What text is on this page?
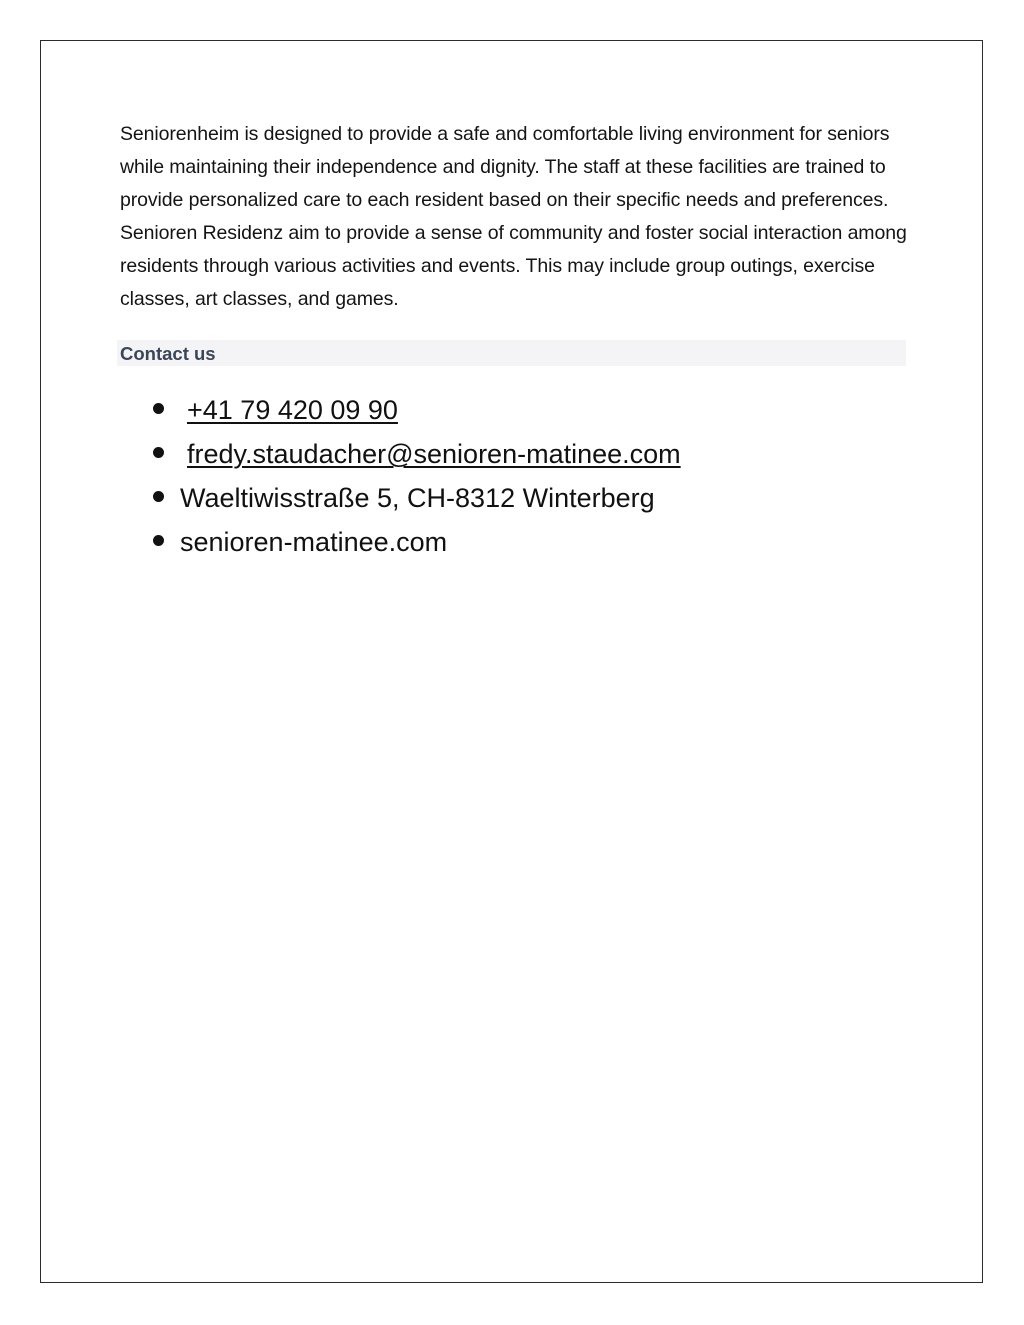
Seniorenheim is designed to provide a safe and comfortable living environment for seniors while maintaining their independence and dignity. The staff at these facilities are trained to provide personalized care to each resident based on their specific needs and preferences. Senioren Residenz aim to provide a sense of community and foster social interaction among residents through various activities and events. This may include group outings, exercise classes, art classes, and games.

Contact us
+41 79 420 09 90
fredy.staudacher@senioren-matinee.com
Waeltiwisstraße 5, CH-8312 Winterberg
senioren-matinee.com
